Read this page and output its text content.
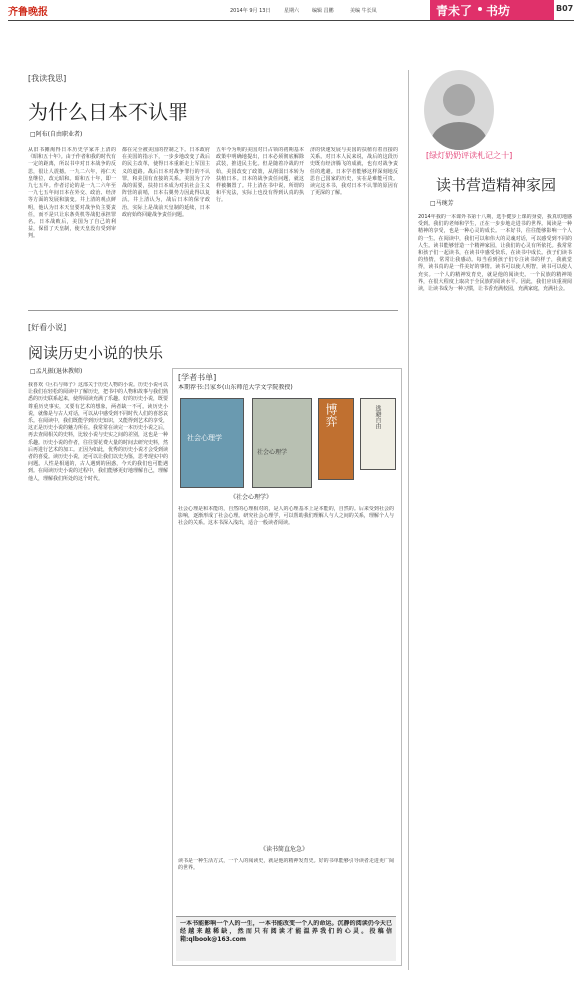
齐鲁晚报	2014年 9月 13日	星期六	编辑 昌鹏	美编 牛长凤	青未了 书坊	B07
[我读我思]
为什么日本不认罪
□阿布(自由职业者)
从旧书摊淘得日本历史学家井上清的《昭和五十年》。由于作者和我的时代有一定的距离，所以书中对日本战争的反思，很让人震撼。一九二六年，裕仁天皇继位，改元昭和。昭和五十年，即一九七五年。作者讨论的是一九二六年至一九七五年间日本在外交、政治、经济等方面的发展和演变。井上清的观点鲜明，他认为日本天皇要对战争负主要责任，而不是只让东条英机等战犯承担罪名。日本战败后，美国为了自己的利益，保留了天皇制，使天皇没有受到审判。
都在完全被美国的控制之下。日本政府在美国的指示下，一步步地改变了战后的民主改革，使得日本重新走上军国主义的道路。战后日本对战争罪行的不认罪，和美国有直接的关系。美国为了冷战的需要，扶持日本成为对抗社会主义阵营的前哨，日本右翼势力因此得以复活。井上清认为，战后日本的保守政治，实际上是战前天皇制的延续，日本政府始终回避战争责任问题。
五年今为明的美国对日占领的初期基本政策中明确地提出，日本必须彻底解除武装，推进民主化。但是随着冷战的开始，美国改变了政策，从削弱日本转为扶植日本。日本的战争责任问题，就这样被搁置了。井上清在书中说，所谓的和平宪法，实际上也没有得到认真的执行。
济的快速发展与美国的扶植有着直接的关系。对日本人民来说，战后的这段历史既有经济腾飞的成就，也有对战争责任的逃避。日本学者能够这样深刻地反思自己国家的历史，实在是难能可贵。读完这本书，我对日本不认罪的原因有了更深的了解。
[好看小说]
阅读历史小说的快乐
□孟凡振(退休教师)
我喜欢《巨石与筛子》这部关于历史人物的小说。历史小说可以让我们在轻松的阅读中了解历史，把书中的人物和故事与我们熟悉的历史联系起来，使得阅读充满了乐趣。好的历史小说，既要尊重历史事实，又要有艺术的想象，两者缺一不可。读历史小说，就像是与古人对话，可以从中感受到不同时代人们的喜怒哀乐。在阅读中，我们既能学到历史知识，又能得到艺术的享受，这正是历史小说的魅力所在。我常常在读完一本历史小说之后，再去查阅相关的史料，比较小说与史实之间的差别，这也是一种乐趣。历史小说的作者，往往要花费大量的时间去研究史料，然后再进行艺术的加工。正因为如此，优秀的历史小说才会受到读者的喜爱。读历史小说，还可以让我们以史为鉴，思考现实中的问题。人性是相通的，古人遇到的困惑，今天的我们也可能遇到。在阅读历史小说的过程中，我们能够更好地理解自己，理解他人，理解我们所处的这个时代。
[学者书单]
本期荐书:吕家乡(山东师范大学文学院教授)
社会心理学
社会心理学
博弈	逃避自由
《社会心理学》
社会心理是和本能的，自然的心理相对的，是人的心理基本上是本能的，自然的。后来受到社会的影响，逐渐形成了社会心理。研究社会心理学，可以帮助我们理解人与人之间的关系，理解个人与社会的关系。这本书深入浅出，适合一般读者阅读。
《读书简直危急》
读书是一种生活方式，一个人的阅读史，就是他的精神发育史。好的书单能够引导读者走进更广阔的世界。
一本书能影响一个人的一生，一本书能改变一个人的命运。沉静的阅读仍今天已经越来越稀缺，然而只有阅读才能温养我们的心灵。投稿信箱:qlbook@163.com
[绿灯奶奶评读札记之十]
读书营造精神家园
□马琬芳
2014年我的一本课外书第十八期，选手健步上课的身姿，我真切地感受到。我们的老师和学生，正在一步步地走进书的世界。阅读是一种精神的享受，也是一种心灵的成长。一本好书，往往能够影响一个人的一生。在阅读中，我们可以和伟大的灵魂对话，可以感受到不同的人生。读书能够营造一个精神家园，让我们的心灵有所依托。我常常和孩子们一起读书，在读书中感受快乐，在读书中成长。孩子们读书的热情，常常让我感动。每当看到孩子们专注读书的样子，我就觉得，读书真的是一件美好的事情。读书可以使人明智，读书可以使人充实。一个人的精神发育史，就是他的阅读史。一个民族的精神境界，在很大程度上取决于全民族的阅读水平。因此，我们应该重视阅读，让读书成为一种习惯，让书香充满校园，充满家庭，充满社会。
